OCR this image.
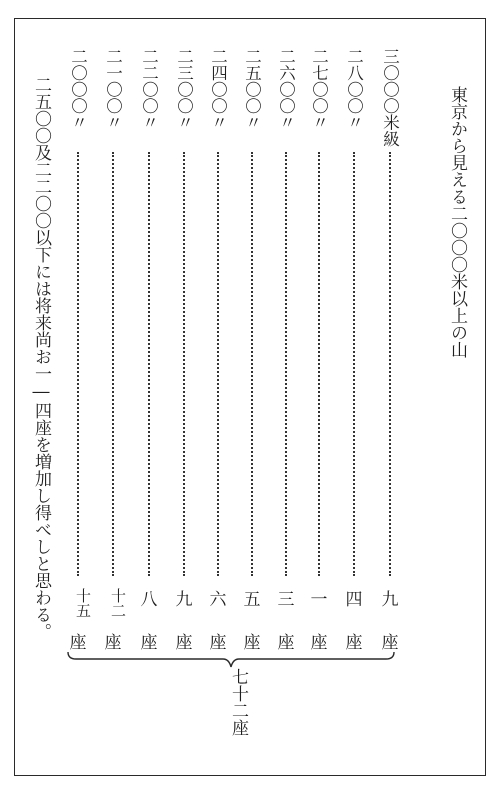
東京から見える二〇〇〇米以上の山
三〇〇〇米級
九
座
二八〇〇〃
四
座
二七〇〇〃
一
座
二六〇〇〃
三
座
二五〇〇〃
五
座
二四〇〇〃
六
座
二三〇〇〃
九
座
二二〇〇〃
八
座
二一〇〇〃
十二
座
二〇〇〇〃
十五
座
七十二座
二五〇〇及二二〇〇以下には将来尚お一―四座を増加し得べしと思わる。
